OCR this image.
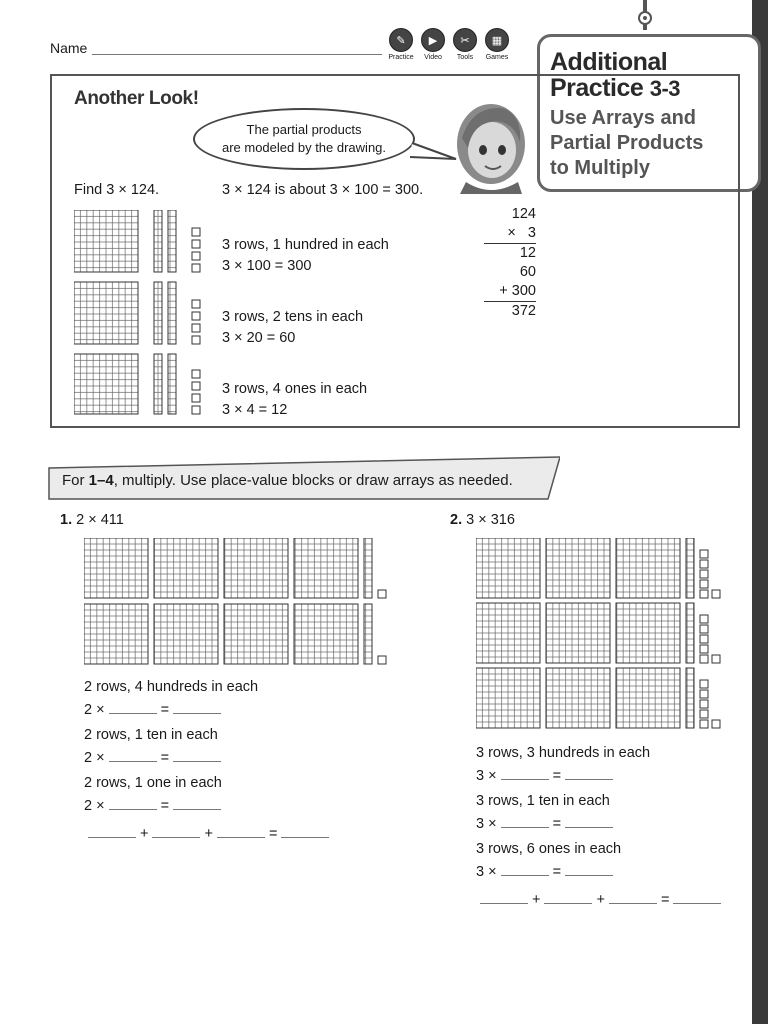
Name	✎
Practice
▶
Video
✂
Tools
▦
Games Additional
Practice 3-3
Use Arrays and
Partial Products
to Multiply
Another Look!
The partial products
are modeled by the drawing.
Find 3 × 124.	3 × 124 is about 3 × 100 = 300.
3 rows, 1 hundred in each
3 × 100 = 300
3 rows, 2 tens in each
3 × 20 = 60
3 rows, 4 ones in each
3 × 4 = 12
124
×   3
12
60
+ 300
372
For 1–4, multiply. Use place-value blocks or draw arrays as needed.
1. 2 × 411
2 rows, 4 hundreds in each
2 ×	=
2 rows, 1 ten in each
2 ×	=
2 rows, 1 one in each
2 ×	=
+	+	=
2. 3 × 316
3 rows, 3 hundreds in each
3 ×	=
3 rows, 1 ten in each
3 ×	=
3 rows, 6 ones in each
3 ×	=
+	+	=
